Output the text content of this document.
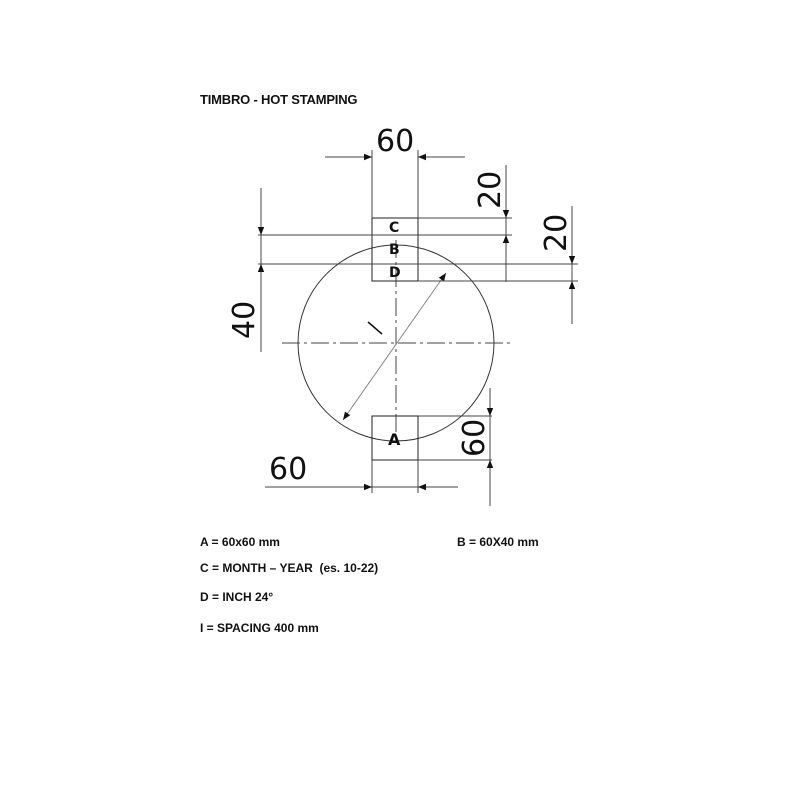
TIMBRO - HOT STAMPING
C
B
D
A
60
20
20
40
60
60
A = 60x60 mm	B = 60X40 mm
C = MONTH – YEAR  (es. 10-22)
D = INCH 24°
I = SPACING 400 mm
